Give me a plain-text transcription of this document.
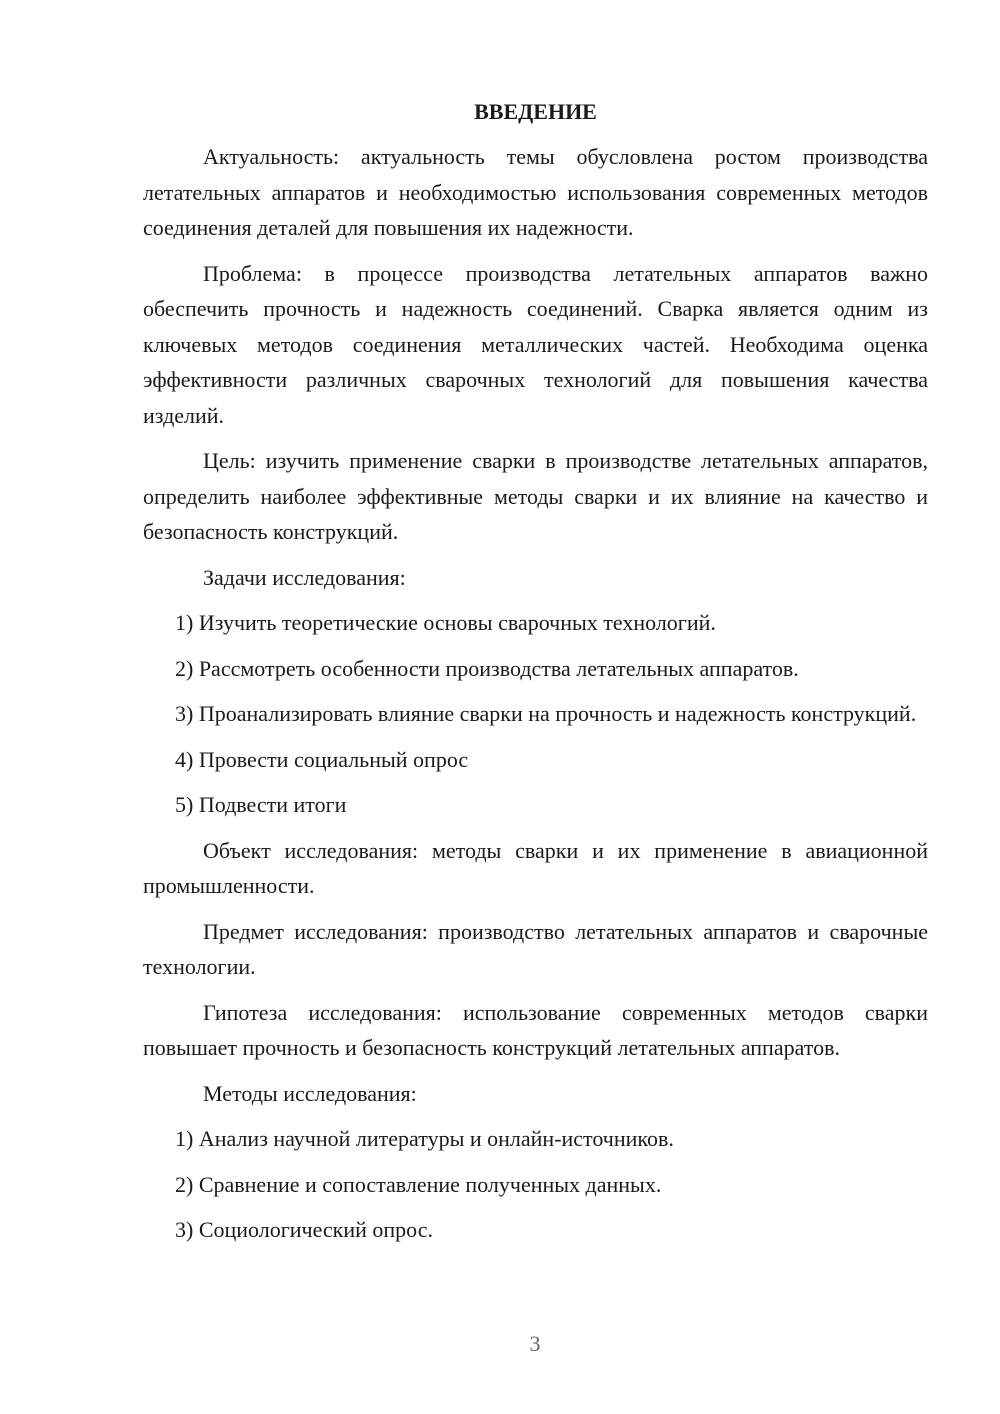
ВВЕДЕНИЕ

Актуальность: актуальность темы обусловлена ростом производства летательных аппаратов и необходимостью использования современных методов соединения деталей для повышения их надежности.

Проблема: в процессе производства летательных аппаратов важно обеспечить прочность и надежность соединений. Сварка является одним из ключевых методов соединения металлических частей. Необходима оценка эффективности различных сварочных технологий для повышения качества изделий.

Цель: изучить применение сварки в производстве летательных аппаратов, определить наиболее эффективные методы сварки и их влияние на качество и безопасность конструкций.

Задачи исследования:

1) Изучить теоретические основы сварочных технологий.

2) Рассмотреть особенности производства летательных аппаратов.

3) Проанализировать влияние сварки на прочность и надежность конструкций.

4) Провести социальный опрос

5) Подвести итоги

Объект исследования: методы сварки и их применение в авиационной промышленности.

Предмет исследования: производство летательных аппаратов и сварочные технологии.

Гипотеза исследования: использование современных методов сварки повышает прочность и безопасность конструкций летательных аппаратов.

Методы исследования:

1) Анализ научной литературы и онлайн-источников.

2) Сравнение и сопоставление полученных данных.

3) Социологический опрос.

3
